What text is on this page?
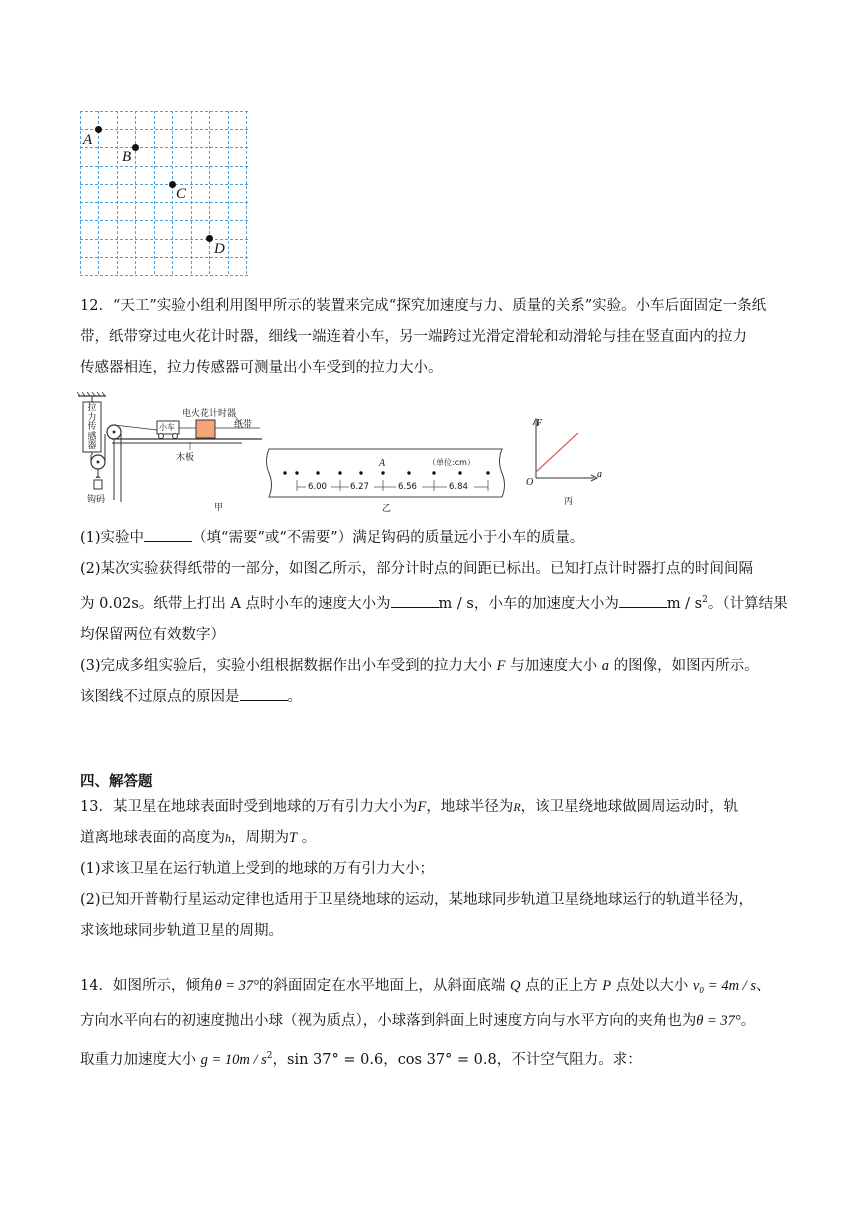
A
B
C
D
12．“天工”实验小组利用图甲所示的装置来完成“探究加速度与力、质量的关系”实验。小车后面固定一条纸
带，纸带穿过电火花计时器，细线一端连着小车，另一端跨过光滑定滑轮和动滑轮与挂在竖直面内的拉力
传感器相连，拉力传感器可测量出小车受到的拉力大小。
拉
力
传
感
器
电火花计时器
纸带
小车
木板
钩码
甲
A	（单位:cm）
6.00	6.27	6.56	6.84
乙
F
a
O
丙
(1)实验中	（填“需要”或“不需要”）满足钩码的质量远小于小车的质量。
(2)某次实验获得纸带的一部分，如图乙所示，部分计时点的间距已标出。已知打点计时器打点的时间间隔
为 0.02s。纸带上打出 A 点时小车的速度大小为	m / s，小车的加速度大小为	m / $s^2$。（计算结果
均保留两位有效数字）
(3)完成多组实验后，实验小组根据数据作出小车受到的拉力大小 F 与加速度大小 a 的图像，如图丙所示。
该图线不过原点的原因是	。
四、解答题
13．某卫星在地球表面时受到地球的万有引力大小为F，地球半径为R，该卫星绕地球做圆周运动时，轨
道离地球表面的高度为h，周期为T 。
(1)求该卫星在运行轨道上受到的地球的万有引力大小；
(2)已知开普勒行星运动定律也适用于卫星绕地球的运动，某地球同步轨道卫星绕地球运行的轨道半径为，
求该地球同步轨道卫星的周期。
14．如图所示，倾角θ = 37°的斜面固定在水平地面上，从斜面底端 Q 点的正上方 P 点处以大小 v₀ = 4m / s、
方向水平向右的初速度抛出小球（视为质点），小球落到斜面上时速度方向与水平方向的夹角也为θ = 37°。
取重力加速度大小 $g = 10m / s^2$，sin 37° = 0.6，cos 37° = 0.8，不计空气阻力。求：
